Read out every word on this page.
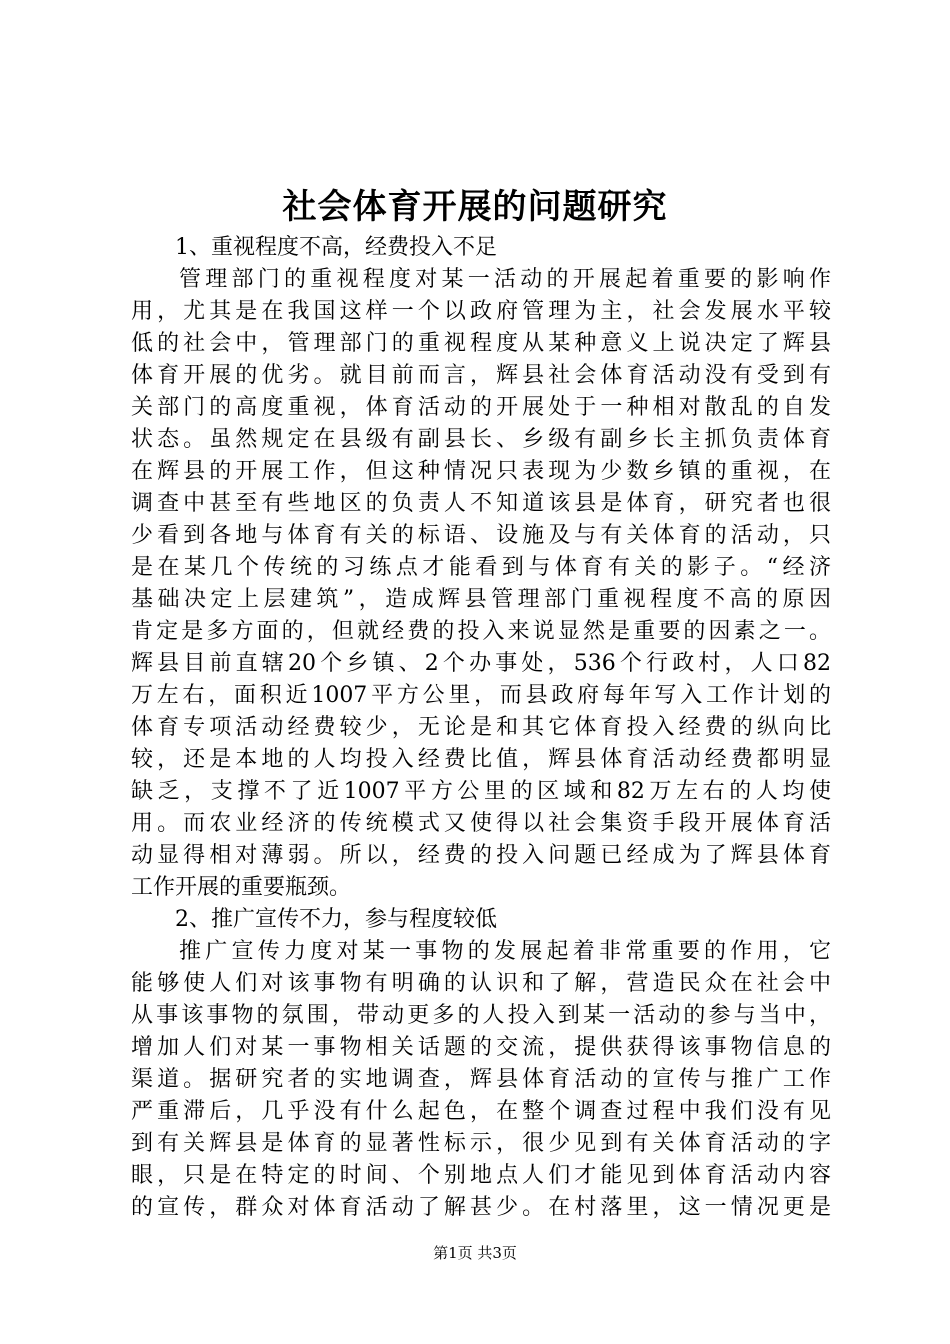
社会体育开展的问题研究
1、重视程度不高，经费投入不足
管理部门的重视程度对某一活动的开展起着重要的影响作
用，尤其是在我国这样一个以政府管理为主，社会发展水平较
低的社会中，管理部门的重视程度从某种意义上说决定了辉县
体育开展的优劣。就目前而言，辉县社会体育活动没有受到有
关部门的高度重视，体育活动的开展处于一种相对散乱的自发
状态。虽然规定在县级有副县长、乡级有副乡长主抓负责体育
在辉县的开展工作，但这种情况只表现为少数乡镇的重视，在
调查中甚至有些地区的负责人不知道该县是体育，研究者也很
少看到各地与体育有关的标语、设施及与有关体育的活动，只
是在某几个传统的习练点才能看到与体育有关的影子。“经济
基础决定上层建筑”，造成辉县管理部门重视程度不高的原因
肯定是多方面的，但就经费的投入来说显然是重要的因素之一。
辉县目前直辖20个乡镇、2个办事处，536个行政村，人口82
万左右，面积近1007平方公里，而县政府每年写入工作计划的
体育专项活动经费较少，无论是和其它体育投入经费的纵向比
较，还是本地的人均投入经费比值，辉县体育活动经费都明显
缺乏，支撑不了近1007平方公里的区域和82万左右的人均使
用。而农业经济的传统模式又使得以社会集资手段开展体育活
动显得相对薄弱。所以，经费的投入问题已经成为了辉县体育
工作开展的重要瓶颈。
2、推广宣传不力，参与程度较低
推广宣传力度对某一事物的发展起着非常重要的作用，它
能够使人们对该事物有明确的认识和了解，营造民众在社会中
从事该事物的氛围，带动更多的人投入到某一活动的参与当中，
增加人们对某一事物相关话题的交流，提供获得该事物信息的
渠道。据研究者的实地调查，辉县体育活动的宣传与推广工作
严重滞后，几乎没有什么起色，在整个调查过程中我们没有见
到有关辉县是体育的显著性标示，很少见到有关体育活动的字
眼，只是在特定的时间、个别地点人们才能见到体育活动内容
的宣传，群众对体育活动了解甚少。在村落里，这一情况更是
第1页 共3页
